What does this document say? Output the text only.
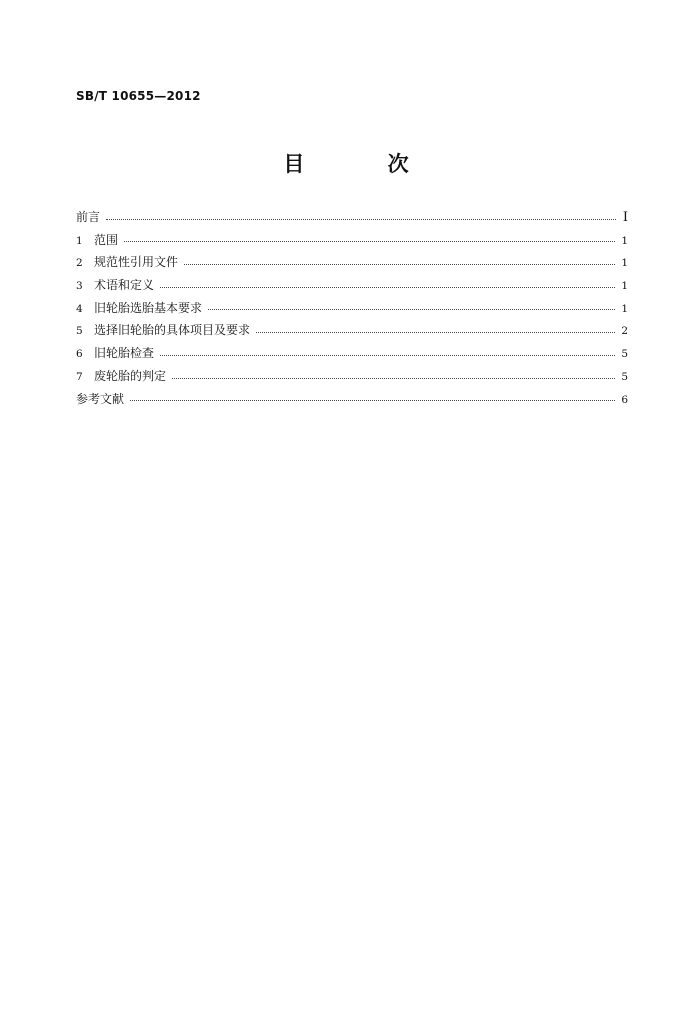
SB/T 10655—2012
目 次
前言	Ⅰ
1 范围	1
2 规范性引用文件	1
3 术语和定义	1
4 旧轮胎选胎基本要求	1
5 选择旧轮胎的具体项目及要求	2
6 旧轮胎检查	5
7 废轮胎的判定	5
参考文献	6
